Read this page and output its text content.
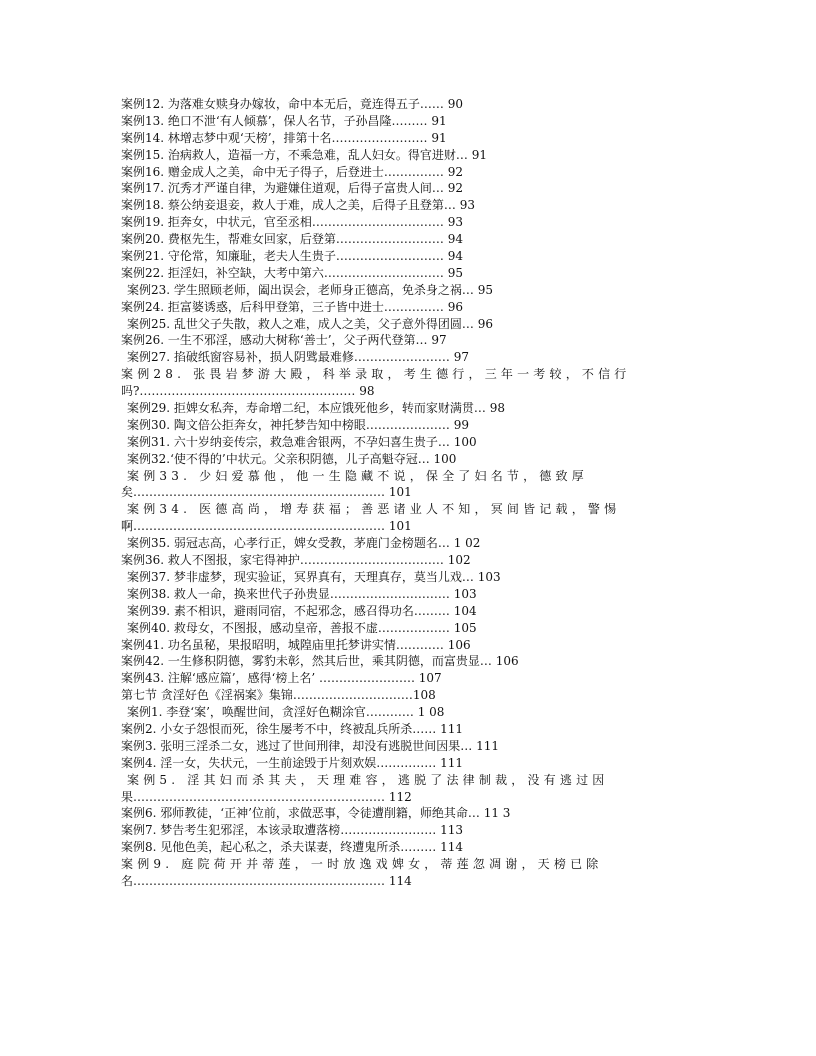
案例12. 为落难女赎身办嫁妆，命中本无后，竟连得五子…… 90
案例13. 绝口不泄‘有人倾慕’，保人名节，子孙昌隆……… 91
案例14. 林增志梦中观‘天榜’，排第十名…………………… 91
案例15. 治病救人，造福一方，不乘急难，乱人妇女。得官进财… 91
案例16. 赠金成人之美，命中无子得子，后登进士…………… 92
案例17. 沉秀才严谨自律，为避嫌住道观，后得子富贵人间… 92
案例18. 蔡公纳妾退妾，救人于难，成人之美，后得子且登第… 93
案例19. 拒奔女，中状元，官至丞相…………………………… 93
案例20. 费枢先生，帮难女回家，后登第……………………… 94
案例21. 守伦常，知廉耻，老夫人生贵子……………………… 94
案例22. 拒淫妇，补空缺，大考中第六………………………… 95
案例23. 学生照顾老师，阖出误会，老师身正德高，免杀身之祸… 95
案例24. 拒富婆诱惑，后科甲登第，三子皆中进士…………… 96
案例25. 乱世父子失散，救人之难，成人之美，父子意外得团圆… 96
案例26. 一生不邪淫，感动大树称‘善士’，父子两代登第… 97
案例27. 掐破纸窗容易补，损人阴骘最难修…………………… 97
案例28. 张畏岩梦游大殿，科举录取，考生德行，三年一考较，不信行
吗?……………………………………………… 98
案例29. 拒婢女私奔，寿命增二纪，本应饿死他乡，转而家财满贯… 98
案例30. 陶文倍公拒奔女，神托梦告知中榜眼………………… 99
案例31. 六十岁纳妾传宗，救急难舍银两，不孕妇喜生贵子… 100
案例32.‘使不得的’中状元。父亲积阴德，儿子高魁夺冠… 100
案例33. 少妇爱慕他，他一生隐藏不说，保全了妇名节，德致厚
矣……………………………………………………… 101
案例34. 医德高尚，增寿获福；善恶诸业人不知，冥间皆记载，警惕
啊……………………………………………………… 101
案例35. 弱冠志高，心孝行正，婢女受教，茅鹿门金榜题名… 1 02
案例36. 救人不图报，家宅得神护……………………………… 102
案例37. 梦非虚梦，现实验证，冥界真有，天理真存，莫当儿戏… 103
案例38. 救人一命，换来世代子孙贵显………………………… 103
案例39. 素不相识，避雨同宿，不起邪念，感召得功名……… 104
案例40. 救母女，不图报，感动皇帝，善报不虚……………… 105
案例41. 功名虽秘，果报昭明，城隍庙里托梦讲实情………… 106
案例42. 一生修积阴德，雾豹未彰，然其后世，乘其阴德，而富贵显… 106
案例43. 注解‘感应篇’，感得‘榜上名’ …………………… 107
第七节 贪淫好色《淫祸案》集锦…………………………108
案例1. 李登‘案’，唤醒世间，贪淫好色糊涂官………… 1 08
案例2. 小女子怨恨而死，徐生屡考不中，终被乱兵所杀…… 111
案例3. 张明三淫杀二女，逃过了世间刑律，却没有逃脱世间因果… 111
案例4. 淫一女，失状元，一生前途毁于片刻欢娱…………… 111
案例5. 淫其妇而杀其夫，天理难容，逃脱了法律制裁，没有逃过因
果……………………………………………………… 112
案例6. 邪师教徒，‘正神’位前，求做恶事，令徒遭削籍，师绝其命… 11 3
案例7. 梦告考生犯邪淫，本该录取遭落榜…………………… 113
案例8. 见他色美，起心私之，杀夫谋妻，终遭鬼所杀……… 114
案例9. 庭院荷开并蒂莲，一时放逸戏婢女，蒂莲忽凋谢，天榜已除
名……………………………………………………… 114
